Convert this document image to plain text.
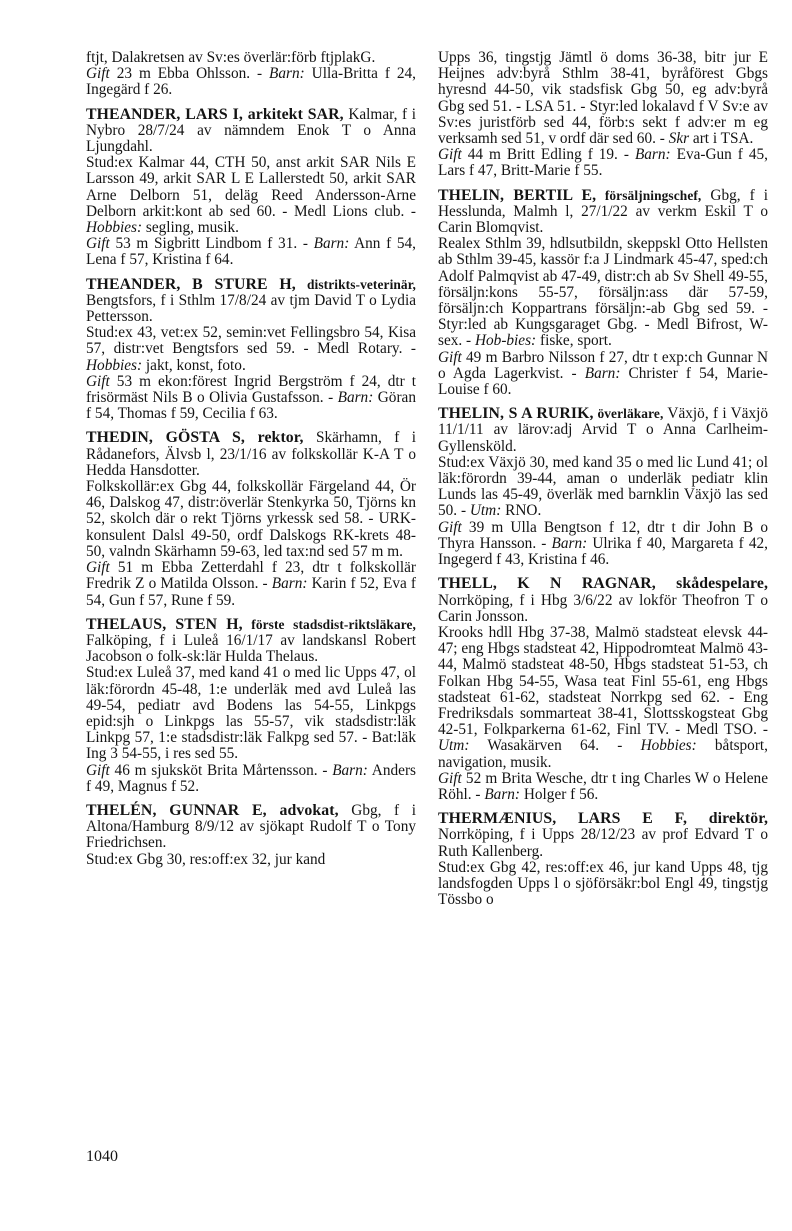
ftjt, Dalakretsen av Sv:es överlär:förb ftjplakG.
Gift 23 m Ebba Ohlsson. - Barn: Ulla-Britta f 24, Ingegärd f 26.
THEANDER, LARS I, arkitekt SAR, Kalmar, f i Nybro 28/7/24 av nämndem Enok T o Anna Ljungdahl.
Stud:ex Kalmar 44, CTH 50, anst arkit SAR Nils E Larsson 49, arkit SAR L E Lallerstedt 50, arkit SAR Arne Delborn 51, deläg Reed Andersson-Arne Delborn arkit:kont ab sed 60. - Medl Lions club. - Hobbies: segling, musik.
Gift 53 m Sigbritt Lindbom f 31. - Barn: Ann f 54, Lena f 57, Kristina f 64.
THEANDER, B STURE H, distrikts-veterinär, Bengtsfors, f i Sthlm 17/8/24 av tjm David T o Lydia Pettersson.
Stud:ex 43, vet:ex 52, semin:vet Fellingsbro 54, Kisa 57, distr:vet Bengtsfors sed 59. - Medl Rotary. - Hobbies: jakt, konst, foto.
Gift 53 m ekon:förest Ingrid Bergström f 24, dtr t frisörmäst Nils B o Olivia Gustafsson. - Barn: Göran f 54, Thomas f 59, Cecilia f 63.
THEDIN, GÖSTA S, rektor, Skärhamn, f i Rådanefors, Älvsb l, 23/1/16 av folkskollär K-A T o Hedda Hansdotter.
Folkskollär:ex Gbg 44, folkskollär Färgeland 44, Ör 46, Dalskog 47, distr:överlär Stenkyrka 50, Tjörns kn 52, skolch där o rekt Tjörns yrkessk sed 58. - URK-konsulent Dalsl 49-50, ordf Dalskogs RK-krets 48-50, valndn Skärhamn 59-63, led tax:nd sed 57 m m.
Gift 51 m Ebba Zetterdahl f 23, dtr t folkskollär Fredrik Z o Matilda Olsson. - Barn: Karin f 52, Eva f 54, Gun f 57, Rune f 59.
THELAUS, STEN H, förste stadsdist-riktsläkare, Falköping, f i Luleå 16/1/17 av landskansl Robert Jacobson o folk-sk:lär Hulda Thelaus.
Stud:ex Luleå 37, med kand 41 o med lic Upps 47, ol läk:förordn 45-48, 1:e underläk med avd Luleå las 49-54, pediatr avd Bodens las 54-55, Linkpgs epid:sjh o Linkpgs las 55-57, vik stadsdistr:läk Linkpg 57, 1:e stadsdistr:läk Falkpg sed 57. - Bat:läk Ing 3 54-55, i res sed 55.
Gift 46 m sjuksköt Brita Mårtensson. - Barn: Anders f 49, Magnus f 52.
THELÉN, GUNNAR E, advokat, Gbg, f i Altona/Hamburg 8/9/12 av sjökapt Rudolf T o Tony Friedrichsen.
Stud:ex Gbg 30, res:off:ex 32, jur kand
Upps 36, tingstjg Jämtl ö doms 36-38, bitr jur E Heijnes adv:byrå Sthlm 38-41, byråförest Gbgs hyresnd 44-50, vik stadsfisk Gbg 50, eg adv:byrå Gbg sed 51. - LSA 51. - Styr:led lokalavd f V Sv:e av Sv:es juristförb sed 44, förb:s sekt f adv:er m eg verksamh sed 51, v ordf där sed 60. - Skr art i TSA.
Gift 44 m Britt Edling f 19. - Barn: Eva-Gun f 45, Lars f 47, Britt-Marie f 55.
THELIN, BERTIL E, försäljningschef, Gbg, f i Hesslunda, Malmh l, 27/1/22 av verkm Eskil T o Carin Blomqvist.
Realex Sthlm 39, hdlsutbildn, skeppskl Otto Hellsten ab Sthlm 39-45, kassör f:a J Lindmark 45-47, sped:ch Adolf Palmqvist ab 47-49, distr:ch ab Sv Shell 49-55, försäljn:kons 55-57, försäljn:ass där 57-59, försäljn:ch Koppartrans försäljn:-ab Gbg sed 59. - Styr:led ab Kungsgaraget Gbg. - Medl Bifrost, W-sex. - Hob-bies: fiske, sport.
Gift 49 m Barbro Nilsson f 27, dtr t exp:ch Gunnar N o Agda Lagerkvist. - Barn: Christer f 54, Marie-Louise f 60.
THELIN, S A RURIK, överläkare, Växjö, f i Växjö 11/1/11 av lärov:adj Arvid T o Anna Carlheim-Gyllensköld.
Stud:ex Växjö 30, med kand 35 o med lic Lund 41; ol läk:förordn 39-44, aman o underläk pediatr klin Lunds las 45-49, överläk med barnklin Växjö las sed 50. - Utm: RNO.
Gift 39 m Ulla Bengtson f 12, dtr t dir John B o Thyra Hansson. - Barn: Ulrika f 40, Margareta f 42, Ingegerd f 43, Kristina f 46.
THELL, K N RAGNAR, skådespelare, Norrköping, f i Hbg 3/6/22 av lokför Theofron T o Carin Jonsson.
Krooks hdll Hbg 37-38, Malmö stadsteat elevsk 44-47; eng Hbgs stadsteat 42, Hippodromteat Malmö 43-44, Malmö stadsteat 48-50, Hbgs stadsteat 51-53, ch Folkan Hbg 54-55, Wasa teat Finl 55-61, eng Hbgs stadsteat 61-62, stadsteat Norrkpg sed 62. - Eng Fredriksdals sommarteat 38-41, Slottsskogsteat Gbg 42-51, Folkparkerna 61-62, Finl TV. - Medl TSO. - Utm: Wasakärven 64. - Hobbies: båtsport, navigation, musik.
Gift 52 m Brita Wesche, dtr t ing Charles W o Helene Röhl. - Barn: Holger f 56.
THERMÆNIUS, LARS E F, direktör, Norrköping, f i Upps 28/12/23 av prof Edvard T o Ruth Kallenberg.
Stud:ex Gbg 42, res:off:ex 46, jur kand Upps 48, tjg landsfogden Upps l o sjöförsäkr:bol Engl 49, tingstjg Tössbo o
1040
